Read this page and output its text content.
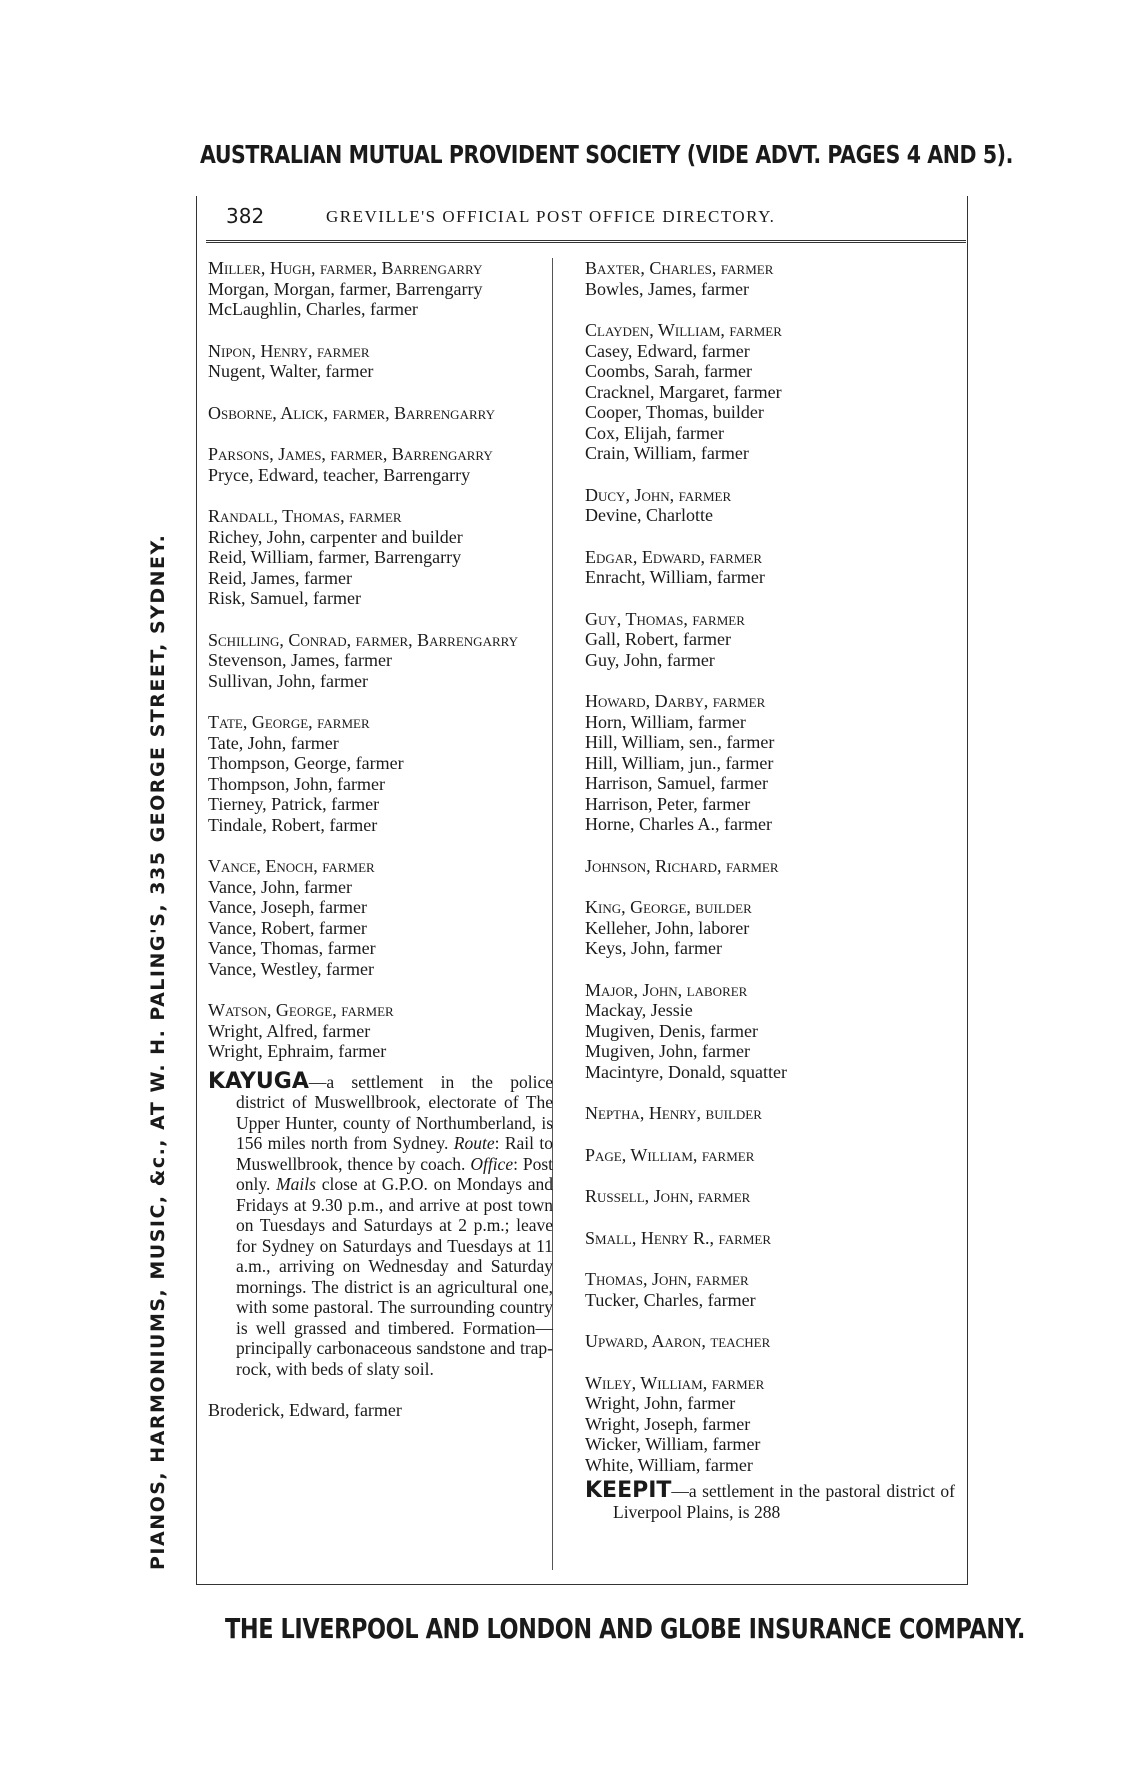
AUSTRALIAN MUTUAL PROVIDENT SOCIETY (VIDE ADVT. PAGES 4 AND 5).
PIANOS, HARMONIUMS, MUSIC, &c., AT W. H. PALING'S, 335 GEORGE STREET, SYDNEY.
382	GREVILLE'S OFFICIAL POST OFFICE DIRECTORY.
Miller, Hugh, farmer, Barrengarry
Morgan, Morgan, farmer, Barrengarry
McLaughlin, Charles, farmer
Nipon, Henry, farmer
Nugent, Walter, farmer
Osborne, Alick, farmer, Barrengarry
Parsons, James, farmer, Barrengarry
Pryce, Edward, teacher, Barrengarry
Randall, Thomas, farmer
Richey, John, carpenter and builder
Reid, William, farmer, Barrengarry
Reid, James, farmer
Risk, Samuel, farmer
Schilling, Conrad, farmer, Barrengarry
Stevenson, James, farmer
Sullivan, John, farmer
Tate, George, farmer
Tate, John, farmer
Thompson, George, farmer
Thompson, John, farmer
Tierney, Patrick, farmer
Tindale, Robert, farmer
Vance, Enoch, farmer
Vance, John, farmer
Vance, Joseph, farmer
Vance, Robert, farmer
Vance, Thomas, farmer
Vance, Westley, farmer
Watson, George, farmer
Wright, Alfred, farmer
Wright, Ephraim, farmer
KAYUGA—a settlement in the police district of Muswellbrook, electorate of The Upper Hunter, county of Northumberland, is 156 miles north from Sydney. Route: Rail to Muswellbrook, thence by coach. Office: Post only. Mails close at G.P.O. on Mondays and Fridays at 9.30 p.m., and arrive at post town on Tuesdays and Saturdays at 2 p.m.; leave for Sydney on Saturdays and Tuesdays at 11 a.m., arriving on Wednesday and Saturday mornings. The district is an agricultural one, with some pastoral. The surrounding country is well grassed and timbered. Formation—principally carbonaceous sandstone and trap-rock, with beds of slaty soil.
Broderick, Edward, farmer
Baxter, Charles, farmer
Bowles, James, farmer
Clayden, William, farmer
Casey, Edward, farmer
Coombs, Sarah, farmer
Cracknel, Margaret, farmer
Cooper, Thomas, builder
Cox, Elijah, farmer
Crain, William, farmer
Ducy, John, farmer
Devine, Charlotte
Edgar, Edward, farmer
Enracht, William, farmer
Guy, Thomas, farmer
Gall, Robert, farmer
Guy, John, farmer
Howard, Darby, farmer
Horn, William, farmer
Hill, William, sen., farmer
Hill, William, jun., farmer
Harrison, Samuel, farmer
Harrison, Peter, farmer
Horne, Charles A., farmer
Johnson, Richard, farmer
King, George, builder
Kelleher, John, laborer
Keys, John, farmer
Major, John, laborer
Mackay, Jessie
Mugiven, Denis, farmer
Mugiven, John, farmer
Macintyre, Donald, squatter
Neptha, Henry, builder
Page, William, farmer
Russell, John, farmer
Small, Henry R., farmer
Thomas, John, farmer
Tucker, Charles, farmer
Upward, Aaron, teacher
Wiley, William, farmer
Wright, John, farmer
Wright, Joseph, farmer
Wicker, William, farmer
White, William, farmer
KEEPIT—a settlement in the pastoral district of Liverpool Plains, is 288
THE LIVERPOOL AND LONDON AND GLOBE INSURANCE COMPANY.
